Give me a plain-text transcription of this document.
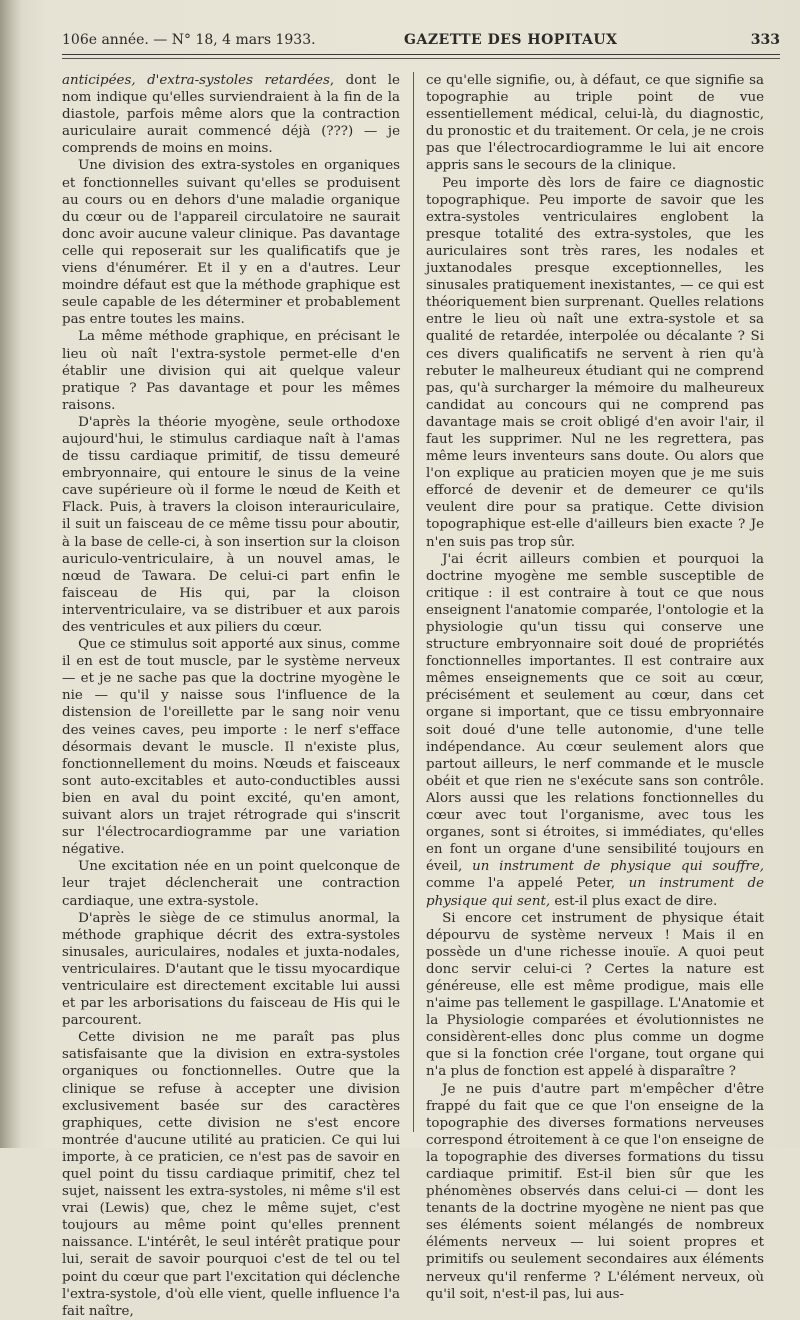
106e année. — N° 18, 4 mars 1933.	GAZETTE DES HOPITAUX	333

anticipées, d'extra-systoles retardées, dont le nom indique qu'elles surviendraient à la fin de la diastole, parfois même alors que la contraction auriculaire aurait commencé déjà (???) — je comprends de moins en moins.

Une division des extra-systoles en organiques et fonctionnelles suivant qu'elles se produisent au cours ou en dehors d'une maladie organique du cœur ou de l'appareil circulatoire ne saurait donc avoir aucune valeur clinique. Pas davantage celle qui reposerait sur les qualificatifs que je viens d'énumérer. Et il y en a d'autres. Leur moindre défaut est que la méthode graphique est seule capable de les déterminer et probablement pas entre toutes les mains.

La même méthode graphique, en précisant le lieu où naît l'extra-systole permet-elle d'en établir une division qui ait quelque valeur pratique ? Pas davantage et pour les mêmes raisons.

D'après la théorie myogène, seule orthodoxe aujourd'hui, le stimulus cardiaque naît à l'amas de tissu cardiaque primitif, de tissu demeuré embryonnaire, qui entoure le sinus de la veine cave supérieure où il forme le nœud de Keith et Flack. Puis, à travers la cloison interauriculaire, il suit un faisceau de ce même tissu pour aboutir, à la base de celle-ci, à son insertion sur la cloison auriculo-ventriculaire, à un nouvel amas, le nœud de Tawara. De celui-ci part enfin le faisceau de His qui, par la cloison interventriculaire, va se distribuer et aux parois des ventricules et aux piliers du cœur.

Que ce stimulus soit apporté aux sinus, comme il en est de tout muscle, par le système nerveux — et je ne sache pas que la doctrine myogène le nie — qu'il y naisse sous l'influence de la distension de l'oreillette par le sang noir venu des veines caves, peu importe : le nerf s'efface désormais devant le muscle. Il n'existe plus, fonctionnellement du moins. Nœuds et faisceaux sont auto-excitables et auto-conductibles aussi bien en aval du point excité, qu'en amont, suivant alors un trajet rétrograde qui s'inscrit sur l'électrocardiogramme par une variation négative.

Une excitation née en un point quelconque de leur trajet déclencherait une contraction cardiaque, une extra-systole.

D'après le siège de ce stimulus anormal, la méthode graphique décrit des extra-systoles sinusales, auriculaires, nodales et juxta-nodales, ventriculaires. D'autant que le tissu myocardique ventriculaire est directement excitable lui aussi et par les arborisations du faisceau de His qui le parcourent.

Cette division ne me paraît pas plus satisfaisante que la division en extra-systoles organiques ou fonctionnelles. Outre que la clinique se refuse à accepter une division exclusivement basée sur des caractères graphiques, cette division ne s'est encore montrée d'aucune utilité au praticien. Ce qui lui importe, à ce praticien, ce n'est pas de savoir en quel point du tissu cardiaque primitif, chez tel sujet, naissent les extra-systoles, ni même s'il est vrai (Lewis) que, chez le même sujet, c'est toujours au même point qu'elles prennent naissance. L'intérêt, le seul intérêt pratique pour lui, serait de savoir pourquoi c'est de tel ou tel point du cœur que part l'excitation qui déclenche l'extra-systole, d'où elle vient, quelle influence l'a fait naître,

ce qu'elle signifie, ou, à défaut, ce que signifie sa topographie au triple point de vue essentiellement médical, celui-là, du diagnostic, du pronostic et du traitement. Or cela, je ne crois pas que l'électrocardiogramme le lui ait encore appris sans le secours de la clinique.

Peu importe dès lors de faire ce diagnostic topographique. Peu importe de savoir que les extra-systoles ventriculaires englobent la presque totalité des extra-systoles, que les auriculaires sont très rares, les nodales et juxtanodales presque exceptionnelles, les sinusales pratiquement inexistantes, — ce qui est théoriquement bien surprenant. Quelles relations entre le lieu où naît une extra-systole et sa qualité de retardée, interpolée ou décalante ? Si ces divers qualificatifs ne servent à rien qu'à rebuter le malheureux étudiant qui ne comprend pas, qu'à surcharger la mémoire du malheureux candidat au concours qui ne comprend pas davantage mais se croit obligé d'en avoir l'air, il faut les supprimer. Nul ne les regrettera, pas même leurs inventeurs sans doute. Ou alors que l'on explique au praticien moyen que je me suis efforcé de devenir et de demeurer ce qu'ils veulent dire pour sa pratique. Cette division topographique est-elle d'ailleurs bien exacte ? Je n'en suis pas trop sûr.

J'ai écrit ailleurs combien et pourquoi la doctrine myogène me semble susceptible de critique : il est contraire à tout ce que nous enseignent l'anatomie comparée, l'ontologie et la physiologie qu'un tissu qui conserve une structure embryonnaire soit doué de propriétés fonctionnelles importantes. Il est contraire aux mêmes enseignements que ce soit au cœur, précisément et seulement au cœur, dans cet organe si important, que ce tissu embryonnaire soit doué d'une telle autonomie, d'une telle indépendance. Au cœur seulement alors que partout ailleurs, le nerf commande et le muscle obéit et que rien ne s'exécute sans son contrôle. Alors aussi que les relations fonctionnelles du cœur avec tout l'organisme, avec tous les organes, sont si étroites, si immédiates, qu'elles en font un organe d'une sensibilité toujours en éveil, un instrument de physique qui souffre, comme l'a appelé Peter, un instrument de physique qui sent, est-il plus exact de dire.

Si encore cet instrument de physique était dépourvu de système nerveux ! Mais il en possède un d'une richesse inouïe. A quoi peut donc servir celui-ci ? Certes la nature est généreuse, elle est même prodigue, mais elle n'aime pas tellement le gaspillage. L'Anatomie et la Physiologie comparées et évolutionnistes ne considèrent-elles donc plus comme un dogme que si la fonction crée l'organe, tout organe qui n'a plus de fonction est appelé à disparaître ?

Je ne puis d'autre part m'empêcher d'être frappé du fait que ce que l'on enseigne de la topographie des diverses formations nerveuses correspond étroitement à ce que l'on enseigne de la topographie des diverses formations du tissu cardiaque primitif. Est-il bien sûr que les phénomènes observés dans celui-ci — dont les tenants de la doctrine myogène ne nient pas que ses éléments soient mélangés de nombreux éléments nerveux — lui soient propres et primitifs ou seulement secondaires aux éléments nerveux qu'il renferme ? L'élément nerveux, où qu'il soit, n'est-il pas, lui aus-
